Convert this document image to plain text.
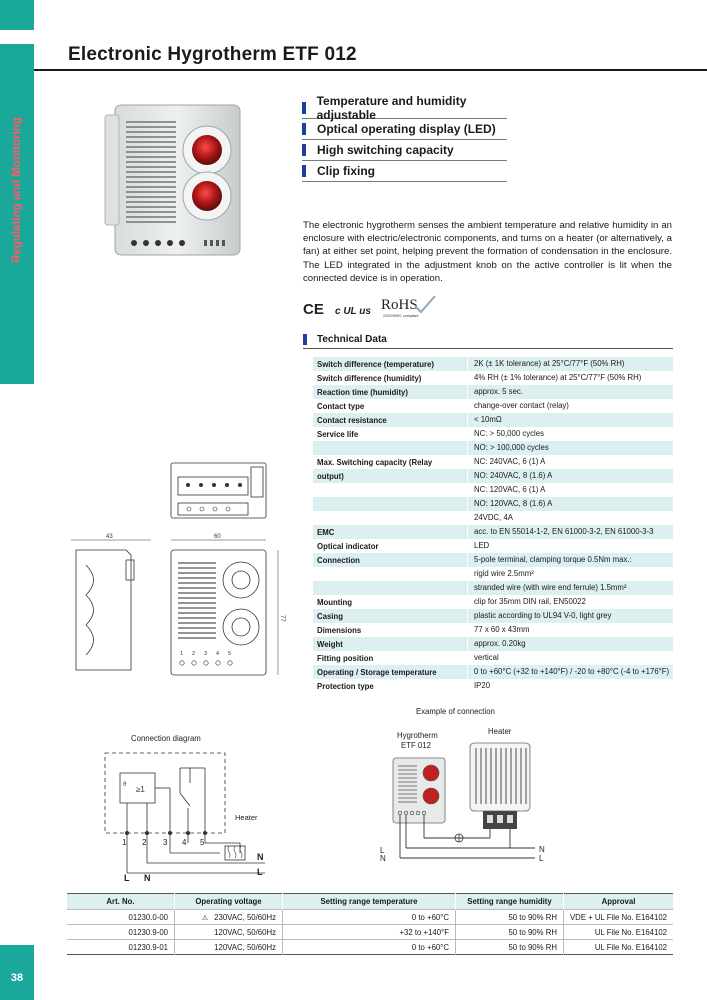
Regulating and Monitoring
38
Electronic Hygrotherm ETF 012
Temperature and humidity adjustable
Optical operating display (LED)
High switching capacity
Clip fixing
The electronic hygrotherm senses the ambient temperature and relative humidity in an enclosure with electric/electronic components, and turns on a heater (or alternatively, a fan) at either set point, helping prevent the formation of condensation in the enclosure. The LED integrated in the adjustment knob on the active controller is lit when the connected device is in operation.
CE c UL us RoHS
2002/95/EC compliant
Technical Data
Switch difference (temperature)	2K (± 1K tolerance) at 25°C/77°F (50% RH)
Switch difference (humidity)	4% RH (± 1% tolerance) at 25°C/77°F (50% RH)
Reaction time (humidity)	approx. 5 sec.
Contact type	change-over contact (relay)
Contact resistance	< 10mΩ
Service life	NC: > 50,000 cycles
NO: > 100,000 cycles
Max. Switching capacity (Relay	NC: 240VAC, 6 (1) A
output)	NO: 240VAC, 8 (1.6) A
NC: 120VAC, 6 (1) A
NO: 120VAC, 8 (1.6) A
24VDC, 4A
EMC	acc. to EN 55014-1-2, EN 61000-3-2, EN 61000-3-3
Optical indicator	LED
Connection	5-pole terminal, clamping torque 0.5Nm max.:
rigid wire 2.5mm²
stranded wire (with wire end ferrule) 1.5mm²
Mounting	clip for 35mm DIN rail, EN50022
Casing	plastic according to UL94 V-0, light grey
Dimensions	77 x 60 x 43mm
Weight	approx. 0.20kg
Fitting position	vertical
Operating / Storage temperature	0 to +60°C (+32 to +140°F) / -20 to +80°C (-4 to +176°F)
Protection type	IP20
43	60
77
1 2 3 4 5
Connection diagram
≥1
ϑ
1 2 3 4 5
Heater
N
L
L N
Example of connection
Hygrotherm
ETF 012
Heater
L
N
N
L
Art. No.	Operating voltage	Setting range temperature	Setting range humidity	Approval
01230.0-00	⚠ 230VAC, 50/60Hz	0 to +60°C	50 to 90% RH	VDE + UL File No. E164102
01230.9-00	120VAC, 50/60Hz	+32 to +140°F	50 to 90% RH	UL File No. E164102
01230.9-01	120VAC, 50/60Hz	0 to +60°C	50 to 90% RH	UL File No. E164102
